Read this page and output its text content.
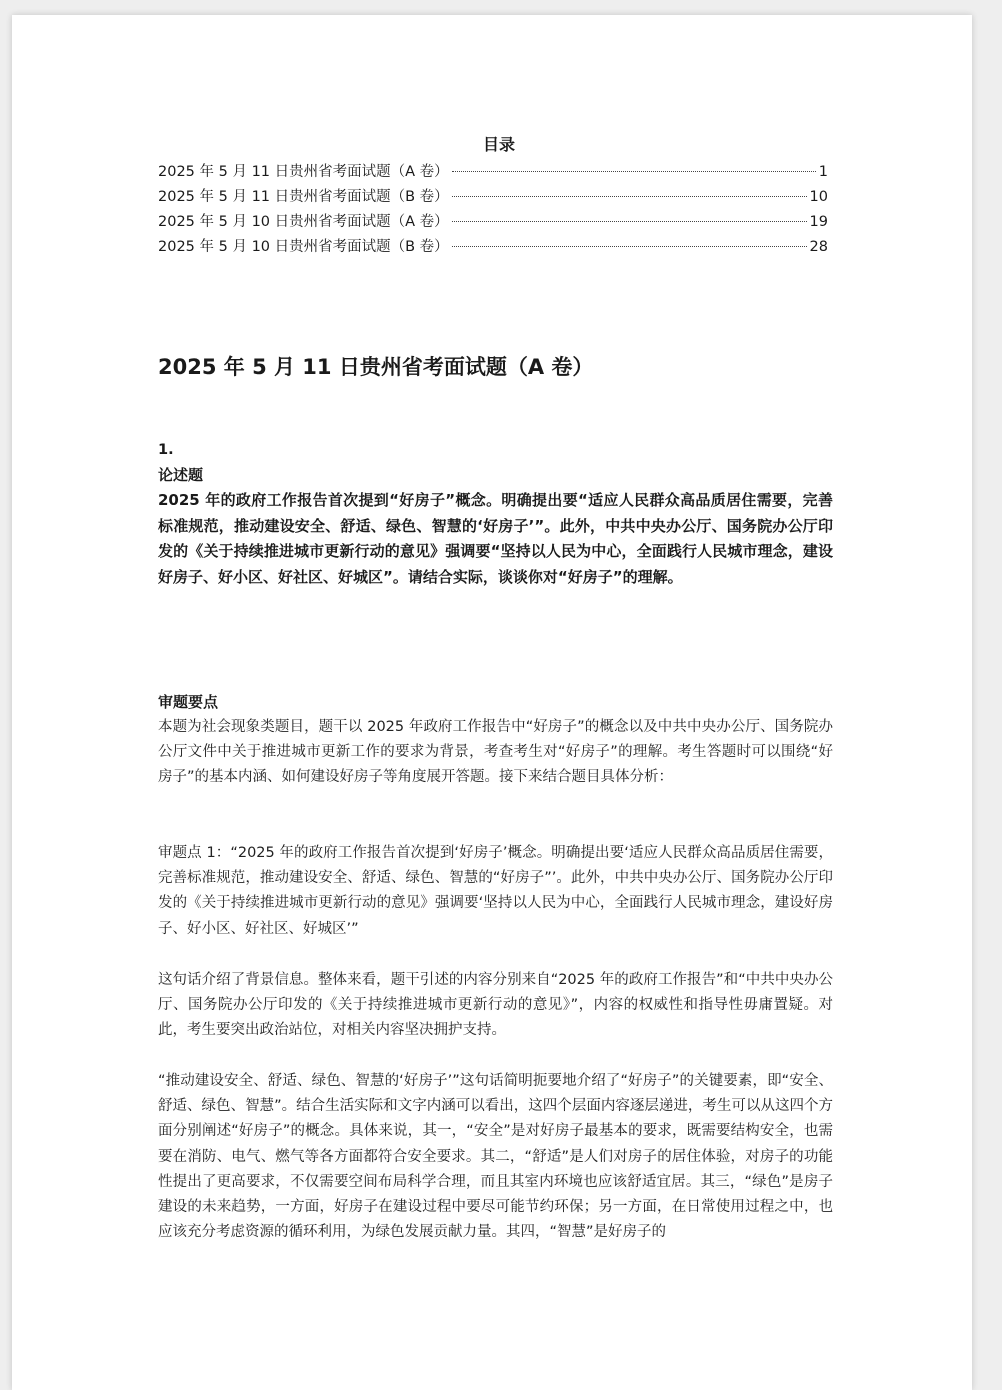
目录
2025 年 5 月 11 日贵州省考面试题（A 卷）	1
2025 年 5 月 11 日贵州省考面试题（B 卷）	10
2025 年 5 月 10 日贵州省考面试题（A 卷）	19
2025 年 5 月 10 日贵州省考面试题（B 卷）	28
2025 年 5 月 11 日贵州省考面试题（A 卷）
1.
论述题
2025 年的政府工作报告首次提到“好房子”概念。明确提出要“适应人民群众高品质居住需要，完善标准规范，推动建设安全、舒适、绿色、智慧的‘好房子’”。此外，中共中央办公厅、国务院办公厅印发的《关于持续推进城市更新行动的意见》强调要“坚持以人民为中心，全面践行人民城市理念，建设好房子、好小区、好社区、好城区”。请结合实际，谈谈你对“好房子”的理解。
审题要点
本题为社会现象类题目，题干以 2025 年政府工作报告中“好房子”的概念以及中共中央办公厅、国务院办公厅文件中关于推进城市更新工作的要求为背景，考查考生对“好房子”的理解。考生答题时可以围绕“好房子”的基本内涵、如何建设好房子等角度展开答题。接下来结合题目具体分析：
审题点 1：“2025 年的政府工作报告首次提到‘好房子’概念。明确提出要‘适应人民群众高品质居住需要，完善标准规范，推动建设安全、舒适、绿色、智慧的“好房子”’。此外，中共中央办公厅、国务院办公厅印发的《关于持续推进城市更新行动的意见》强调要‘坚持以人民为中心，全面践行人民城市理念，建设好房子、好小区、好社区、好城区’”
这句话介绍了背景信息。整体来看，题干引述的内容分别来自“2025 年的政府工作报告”和“中共中央办公厅、国务院办公厅印发的《关于持续推进城市更新行动的意见》”，内容的权威性和指导性毋庸置疑。对此，考生要突出政治站位，对相关内容坚决拥护支持。
“推动建设安全、舒适、绿色、智慧的‘好房子’”这句话简明扼要地介绍了“好房子”的关键要素，即“安全、舒适、绿色、智慧”。结合生活实际和文字内涵可以看出，这四个层面内容逐层递进，考生可以从这四个方面分别阐述“好房子”的概念。具体来说，其一，“安全”是对好房子最基本的要求，既需要结构安全，也需要在消防、电气、燃气等各方面都符合安全要求。其二，“舒适”是人们对房子的居住体验，对房子的功能性提出了更高要求，不仅需要空间布局科学合理，而且其室内环境也应该舒适宜居。其三，“绿色”是房子建设的未来趋势，一方面，好房子在建设过程中要尽可能节约环保；另一方面，在日常使用过程之中，也应该充分考虑资源的循环利用，为绿色发展贡献力量。其四，“智慧”是好房子的
